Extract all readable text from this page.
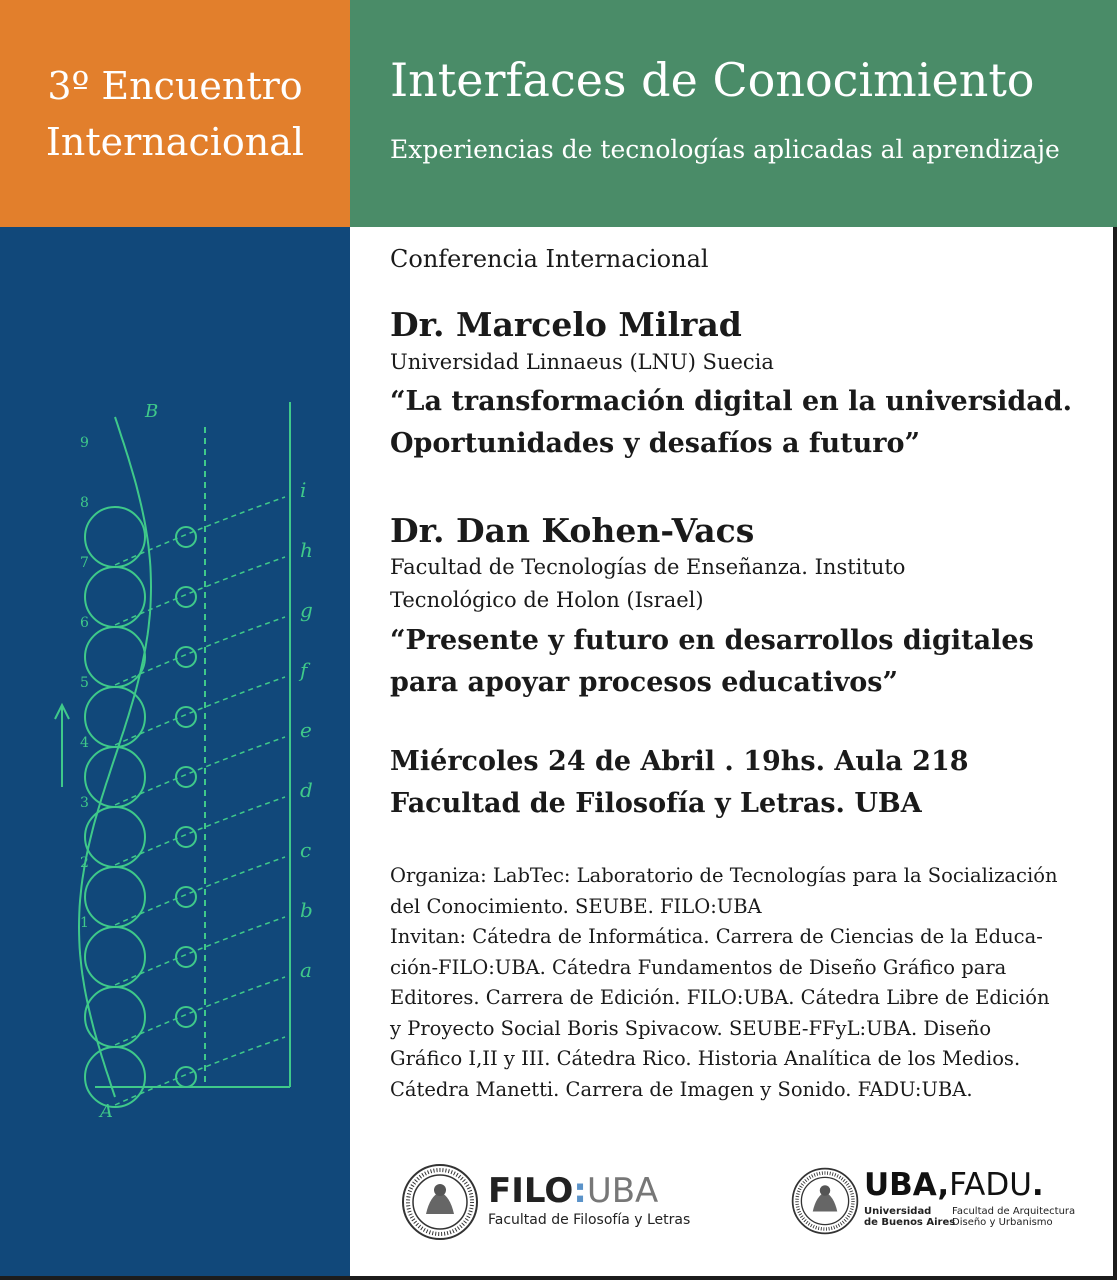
3º Encuentro
Internacional
Interfaces de Conocimiento
Experiencias de tecnologías aplicadas al aprendizaje
a
b
c
d
e
f
g
h
i
1
2
3
4
5
6
7
8
9
A
B
Conferencia Internacional
Dr. Marcelo Milrad
Universidad Linnaeus (LNU) Suecia
“La transformación digital en la universidad.
Oportunidades y desafíos a futuro”
Dr. Dan Kohen-Vacs
Facultad de Tecnologías de Enseñanza. Instituto
Tecnológico de Holon (Israel)
“Presente y futuro en desarrollos digitales
para apoyar procesos educativos”
Miércoles 24 de Abril . 19hs. Aula 218
Facultad de Filosofía y Letras. UBA
Organiza: LabTec: Laboratorio de Tecnologías para la Socialización
del Conocimiento. SEUBE. FILO:UBA
Invitan: Cátedra de Informática. Carrera de Ciencias de la Educa-
ción-FILO:UBA. Cátedra Fundamentos de Diseño Gráfico para
Editores. Carrera de Edición. FILO:UBA. Cátedra Libre de Edición
y Proyecto Social Boris Spivacow. SEUBE-FFyL:UBA. Diseño
Gráfico I,II y III. Cátedra Rico. Historia Analítica de los Medios.
Cátedra Manetti. Carrera de Imagen y Sonido. FADU:UBA.
FILO:UBA
Facultad de Filosofía y Letras
UBA,FADU.
Universidad
de Buenos Aires
Facultad de Arquitectura
Diseño y Urbanismo
